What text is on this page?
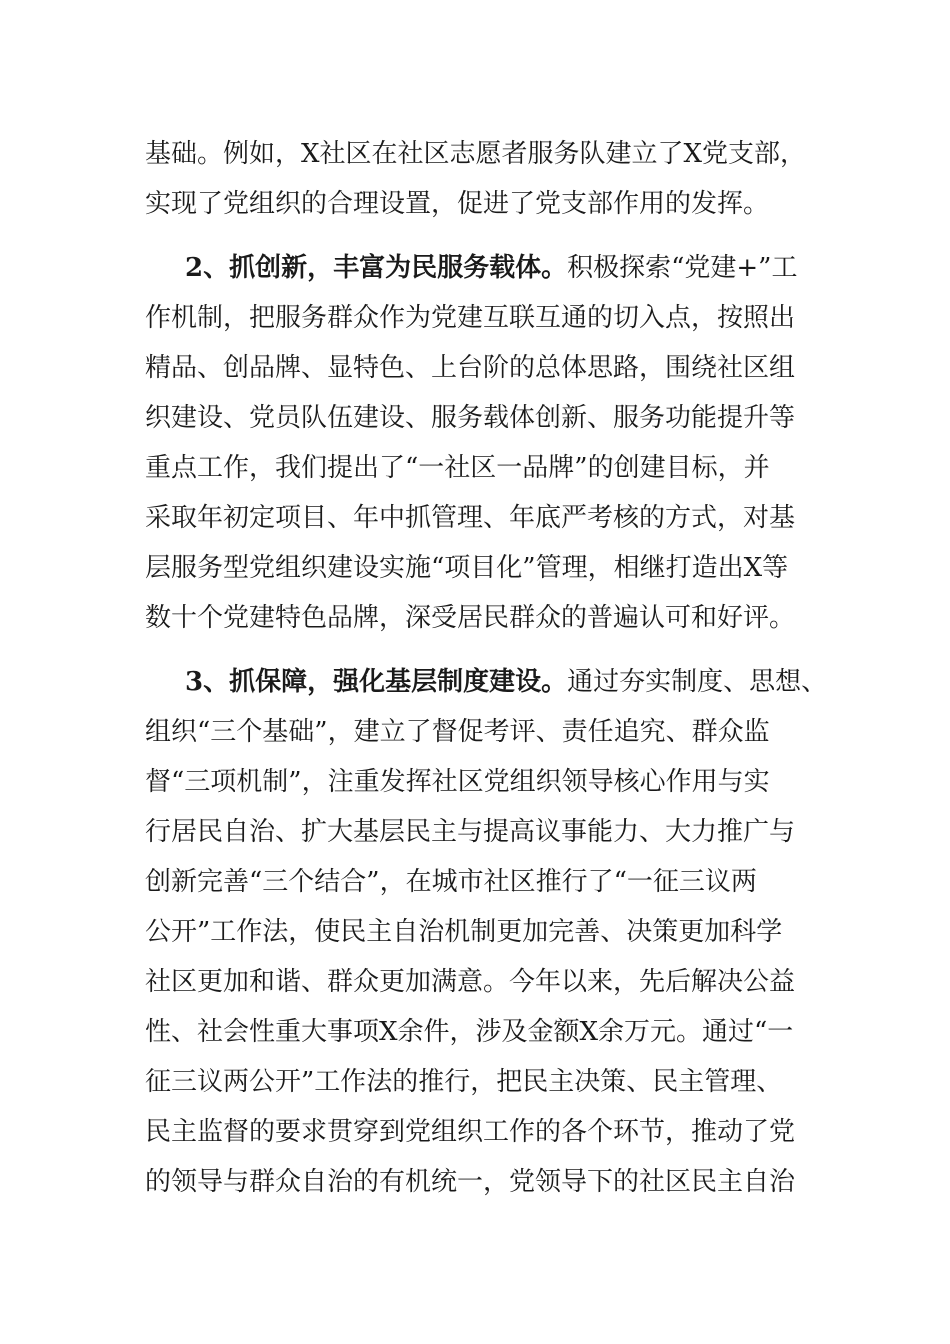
基础。例如，X社区在社区志愿者服务队建立了X党支部，
实现了党组织的合理设置，促进了党支部作用的发挥。
2、抓创新，丰富为民服务载体。积极探索“党建+”工
作机制，把服务群众作为党建互联互通的切入点，按照出
精品、创品牌、显特色、上台阶的总体思路，围绕社区组
织建设、党员队伍建设、服务载体创新、服务功能提升等
重点工作，我们提出了“一社区一品牌”的创建目标，并
采取年初定项目、年中抓管理、年底严考核的方式，对基
层服务型党组织建设实施“项目化”管理，相继打造出X等
数十个党建特色品牌，深受居民群众的普遍认可和好评。
3、抓保障，强化基层制度建设。通过夯实制度、思想、
组织“三个基础”，建立了督促考评、责任追究、群众监
督“三项机制”，注重发挥社区党组织领导核心作用与实
行居民自治、扩大基层民主与提高议事能力、大力推广与
创新完善“三个结合”，在城市社区推行了“一征三议两
公开”工作法，使民主自治机制更加完善、决策更加科学
社区更加和谐、群众更加满意。今年以来，先后解决公益
性、社会性重大事项X余件，涉及金额X余万元。通过“一
征三议两公开”工作法的推行，把民主决策、民主管理、
民主监督的要求贯穿到党组织工作的各个环节，推动了党
的领导与群众自治的有机统一，党领导下的社区民主自治
